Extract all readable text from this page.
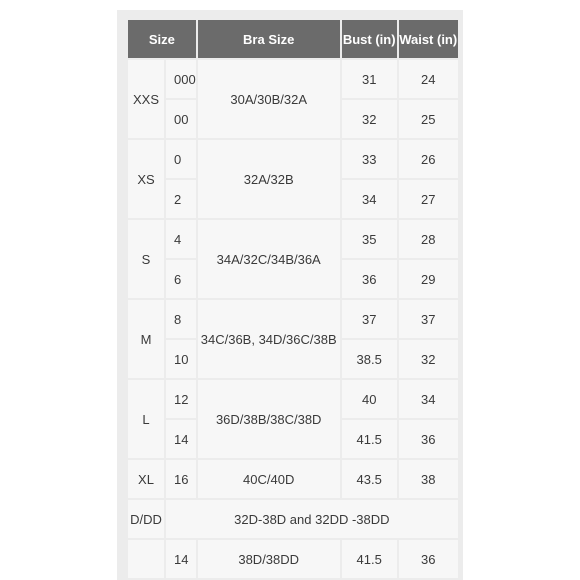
Size		Bra Size	Bust (in)	Waist (in)
XXS	000	30A/30B/32A	31	24
	00		32	25
XS	0	32A/32B	33	26
	2		34	27
S	4	34A/32C/34B/36A	35	28
	6		36	29
M	8	34C/36B, 34D/36C/38B	37	37
	10		38.5	32
L	12	36D/38B/38C/38D	40	34
	14		41.5	36
XL	16	40C/40D	43.5	38
D/DD	32D-38D and 32DD -38DD			
	14	38D/38DD	41.5	36
